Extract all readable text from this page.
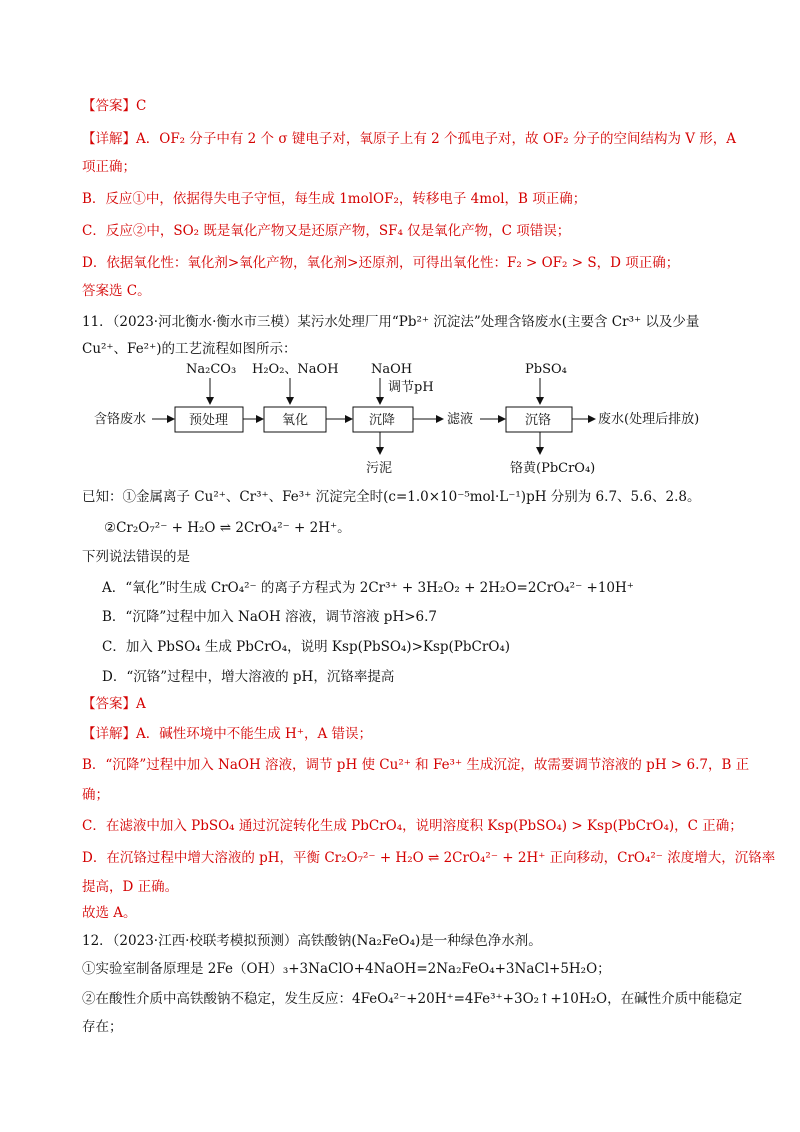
【答案】C
【详解】A．OF₂ 分子中有 2 个 σ 键电子对，氧原子上有 2 个孤电子对，故 OF₂ 分子的空间结构为 V 形，A
项正确；
B．反应①中，依据得失电子守恒，每生成 1molOF₂，转移电子 4mol，B 项正确；
C．反应②中，SO₂ 既是氧化产物又是还原产物，SF₄ 仅是氧化产物，C 项错误；
D．依据氧化性：氧化剂>氧化产物，氧化剂>还原剂，可得出氧化性：F₂ > OF₂ > S，D 项正确；
答案选 C。
11．（2023·河北衡水·衡水市三模）某污水处理厂用“Pb²⁺ 沉淀法”处理含铬废水(主要含 Cr³⁺ 以及少量
Cu²⁺、Fe²⁺)的工艺流程如图所示：
Na₂CO₃ H₂O₂、NaOH NaOH
调节pH
PbSO₄
含铬废水	预处理	氧化	沉降	滤液	沉铬	废水(处理后排放)
污泥	铬黄(PbCrO₄)
已知：①金属离子 Cu²⁺、Cr³⁺、Fe³⁺ 沉淀完全时(c=1.0×10⁻⁵mol·L⁻¹)pH 分别为 6.7、5.6、2.8。
②Cr₂O₇²⁻ + H₂O ⇌ 2CrO₄²⁻ + 2H⁺。
下列说法错误的是
A．“氧化”时生成 CrO₄²⁻ 的离子方程式为 2Cr³⁺ + 3H₂O₂ + 2H₂O=2CrO₄²⁻ +10H⁺
B．“沉降”过程中加入 NaOH 溶液，调节溶液 pH>6.7
C．加入 PbSO₄ 生成 PbCrO₄，说明 Ksp(PbSO₄)>Ksp(PbCrO₄)
D．“沉铬”过程中，增大溶液的 pH，沉铬率提高
【答案】A
【详解】A．碱性环境中不能生成 H⁺，A 错误；
B．“沉降”过程中加入 NaOH 溶液，调节 pH 使 Cu²⁺ 和 Fe³⁺ 生成沉淀，故需要调节溶液的 pH > 6.7，B 正
确；
C．在滤液中加入 PbSO₄ 通过沉淀转化生成 PbCrO₄，说明溶度积 Ksp(PbSO₄) > Ksp(PbCrO₄)，C 正确；
D．在沉铬过程中增大溶液的 pH，平衡 Cr₂O₇²⁻ + H₂O ⇌ 2CrO₄²⁻ + 2H⁺ 正向移动，CrO₄²⁻ 浓度增大，沉铬率
提高，D 正确。
故选 A。
12．（2023·江西·校联考模拟预测）高铁酸钠(Na₂FeO₄)是一种绿色净水剂。
①实验室制备原理是 2Fe（OH）₃+3NaClO+4NaOH=2Na₂FeO₄+3NaCl+5H₂O；
②在酸性介质中高铁酸钠不稳定，发生反应：4FeO₄²⁻+20H⁺=4Fe³⁺+3O₂↑+10H₂O，在碱性介质中能稳定
存在；
